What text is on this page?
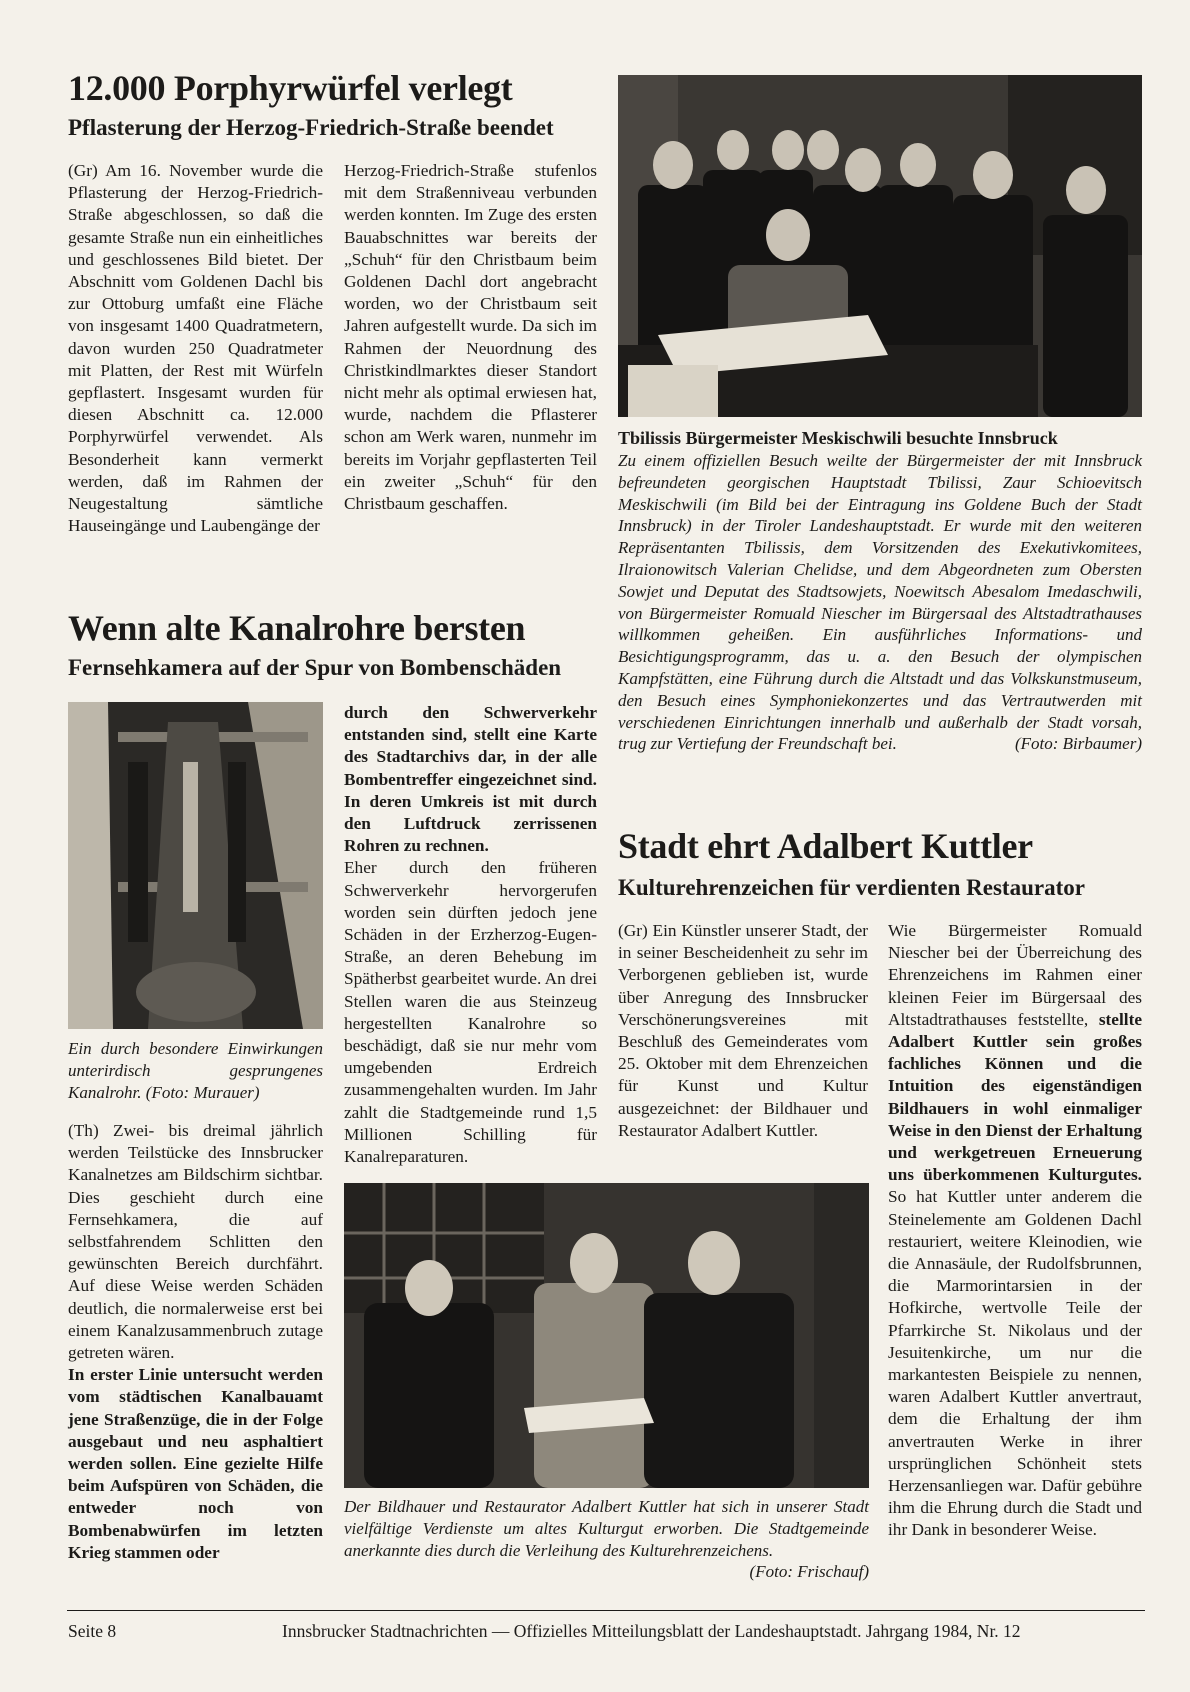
12.000 Porphyrwürfel verlegt
Pflasterung der Herzog-Friedrich-Straße beendet
(Gr) Am 16. November wurde die Pflasterung der Herzog-Friedrich-Straße abgeschlossen, so daß die gesamte Straße nun ein einheitliches und geschlossenes Bild bietet. Der Abschnitt vom Goldenen Dachl bis zur Ottoburg umfaßt eine Fläche von insgesamt 1400 Quadratmetern, davon wurden 250 Quadratmeter mit Platten, der Rest mit Würfeln gepflastert. Insgesamt wurden für diesen Abschnitt ca. 12.000 Porphyrwürfel verwendet. Als Besonderheit kann vermerkt werden, daß im Rahmen der Neugestaltung sämtliche Hauseingänge und Laubengänge der
Herzog-Friedrich-Straße stufenlos mit dem Straßenniveau verbunden werden konnten. Im Zuge des ersten Bauabschnittes war bereits der „Schuh“ für den Christbaum beim Goldenen Dachl dort angebracht worden, wo der Christbaum seit Jahren aufgestellt wurde. Da sich im Rahmen der Neuordnung des Christkindlmarktes dieser Standort nicht mehr als optimal erwiesen hat, wurde, nachdem die Pflasterer schon am Werk waren, nunmehr im bereits im Vorjahr gepflasterten Teil ein zweiter „Schuh“ für den Christbaum geschaffen.
Tbilissis Bürgermeister Meskischwili besuchte Innsbruck
Zu einem offiziellen Besuch weilte der Bürgermeister der mit Innsbruck befreundeten georgischen Hauptstadt Tbilissi, Zaur Schioevitsch Meskischwili (im Bild bei der Eintragung ins Goldene Buch der Stadt Innsbruck) in der Tiroler Landeshauptstadt. Er wurde mit den weiteren Repräsentanten Tbilissis, dem Vorsitzenden des Exekutivkomitees, Ilraionowitsch Valerian Chelidse, und dem Abgeordneten zum Obersten Sowjet und Deputat des Stadtsowjets, Noewitsch Abesalom Imedaschwili, von Bürgermeister Romuald Niescher im Bürgersaal des Altstadtrathauses willkommen geheißen. Ein ausführliches Informations- und Besichtigungsprogramm, das u. a. den Besuch der olympischen Kampfstätten, eine Führung durch die Altstadt und das Volkskunstmuseum, den Besuch eines Symphoniekonzertes und das Vertrautwerden mit verschiedenen Einrichtungen innerhalb und außerhalb der Stadt vorsah, trug zur Vertiefung der Freundschaft bei.	(Foto: Birbaumer)
Wenn alte Kanalrohre bersten
Fernsehkamera auf der Spur von Bombenschäden
Ein durch besondere Einwirkungen unterirdisch gesprungenes Kanalrohr. (Foto: Murauer)
(Th) Zwei- bis dreimal jährlich werden Teilstücke des Innsbrucker Kanalnetzes am Bildschirm sichtbar. Dies geschieht durch eine Fernsehkamera, die auf selbstfahrendem Schlitten den gewünschten Bereich durchfährt. Auf diese Weise werden Schäden deutlich, die normalerweise erst bei einem Kanalzusammenbruch zutage getreten wären.
In erster Linie untersucht werden vom städtischen Kanalbauamt jene Straßenzüge, die in der Folge ausgebaut und neu asphaltiert werden sollen. Eine gezielte Hilfe beim Aufspüren von Schäden, die entweder noch von Bombenabwürfen im letzten Krieg stammen oder
durch den Schwerverkehr entstanden sind, stellt eine Karte des Stadtarchivs dar, in der alle Bombentreffer eingezeichnet sind. In deren Umkreis ist mit durch den Luftdruck zerrissenen Rohren zu rechnen.
Eher durch den früheren Schwerverkehr hervorgerufen worden sein dürften jedoch jene Schäden in der Erzherzog-Eugen-Straße, an deren Behebung im Spätherbst gearbeitet wurde. An drei Stellen waren die aus Steinzeug hergestellten Kanalrohre so beschädigt, daß sie nur mehr vom umgebenden Erdreich zusammengehalten wurden. Im Jahr zahlt die Stadtgemeinde rund 1,5 Millionen Schilling für Kanalreparaturen.
Stadt ehrt Adalbert Kuttler
Kulturehrenzeichen für verdienten Restaurator
(Gr) Ein Künstler unserer Stadt, der in seiner Bescheidenheit zu sehr im Verborgenen geblieben ist, wurde über Anregung des Innsbrucker Verschönerungsvereines mit Beschluß des Gemeinderates vom 25. Oktober mit dem Ehrenzeichen für Kunst und Kultur ausgezeichnet: der Bildhauer und Restaurator Adalbert Kuttler.
Wie Bürgermeister Romuald Niescher bei der Überreichung des Ehrenzeichens im Rahmen einer kleinen Feier im Bürgersaal des Altstadtrathauses feststellte, stellte Adalbert Kuttler sein großes fachliches Können und die Intuition des eigenständigen Bildhauers in wohl einmaliger Weise in den Dienst der Erhaltung und werkgetreuen Erneuerung uns überkommenen Kulturgutes. So hat Kuttler unter anderem die Steinelemente am Goldenen Dachl restauriert, weitere Kleinodien, wie die Annasäule, der Rudolfsbrunnen, die Marmorintarsien in der Hofkirche, wertvolle Teile der Pfarrkirche St. Nikolaus und der Jesuitenkirche, um nur die markantesten Beispiele zu nennen, waren Adalbert Kuttler anvertraut, dem die Erhaltung der ihm anvertrauten Werke in ihrer ursprünglichen Schönheit stets Herzensanliegen war. Dafür gebühre ihm die Ehrung durch die Stadt und ihr Dank in besonderer Weise.
Der Bildhauer und Restaurator Adalbert Kuttler hat sich in unserer Stadt vielfältige Verdienste um altes Kulturgut erworben. Die Stadtgemeinde anerkannte dies durch die Verleihung des Kulturehrenzeichens.
(Foto: Frischauf)
Seite 8	Innsbrucker Stadtnachrichten — Offizielles Mitteilungsblatt der Landeshauptstadt. Jahrgang 1984, Nr. 12
